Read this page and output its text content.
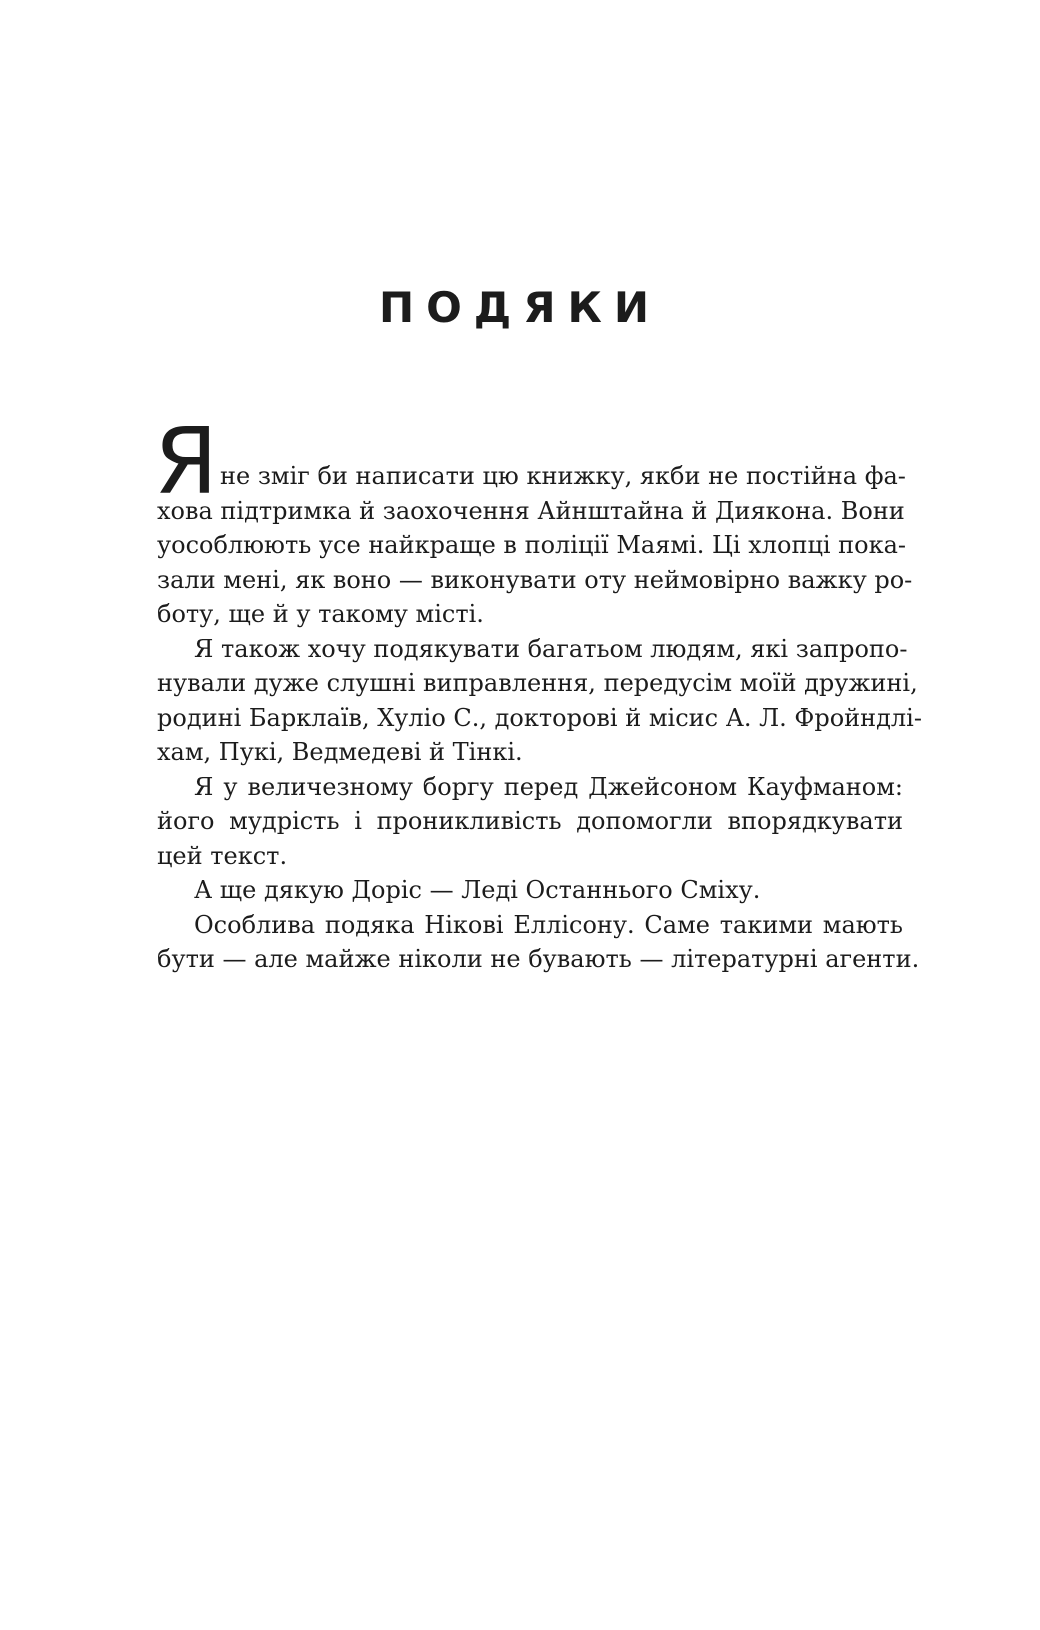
ПОДЯКИ
Я не зміг би написати цю книжку, якби не постійна фа-
хова підтримка й заохочення Айнштайна й Диякона. Вони
уособлюють усе найкраще в поліції Маямі. Ці хлопці пока-
зали мені, як воно — виконувати оту неймовірно важку ро-
боту, ще й у такому місті.
Я також хочу подякувати багатьом людям, які запропо-
нували дуже слушні виправлення, передусім моїй дружині,
родині Барклаїв, Хуліо С., докторові й місис А. Л. Фройндлі-
хам, Пукі, Ведмедеві й Тінкі.
Я у величезному боргу перед Джейсоном Кауфманом:
його мудрість і проникливість допомогли впорядкувати
цей текст.
А ще дякую Доріс — Леді Останнього Сміху.
Особлива подяка Нікові Еллісону. Саме такими мають
бути — але майже ніколи не бувають — літературні агенти.
